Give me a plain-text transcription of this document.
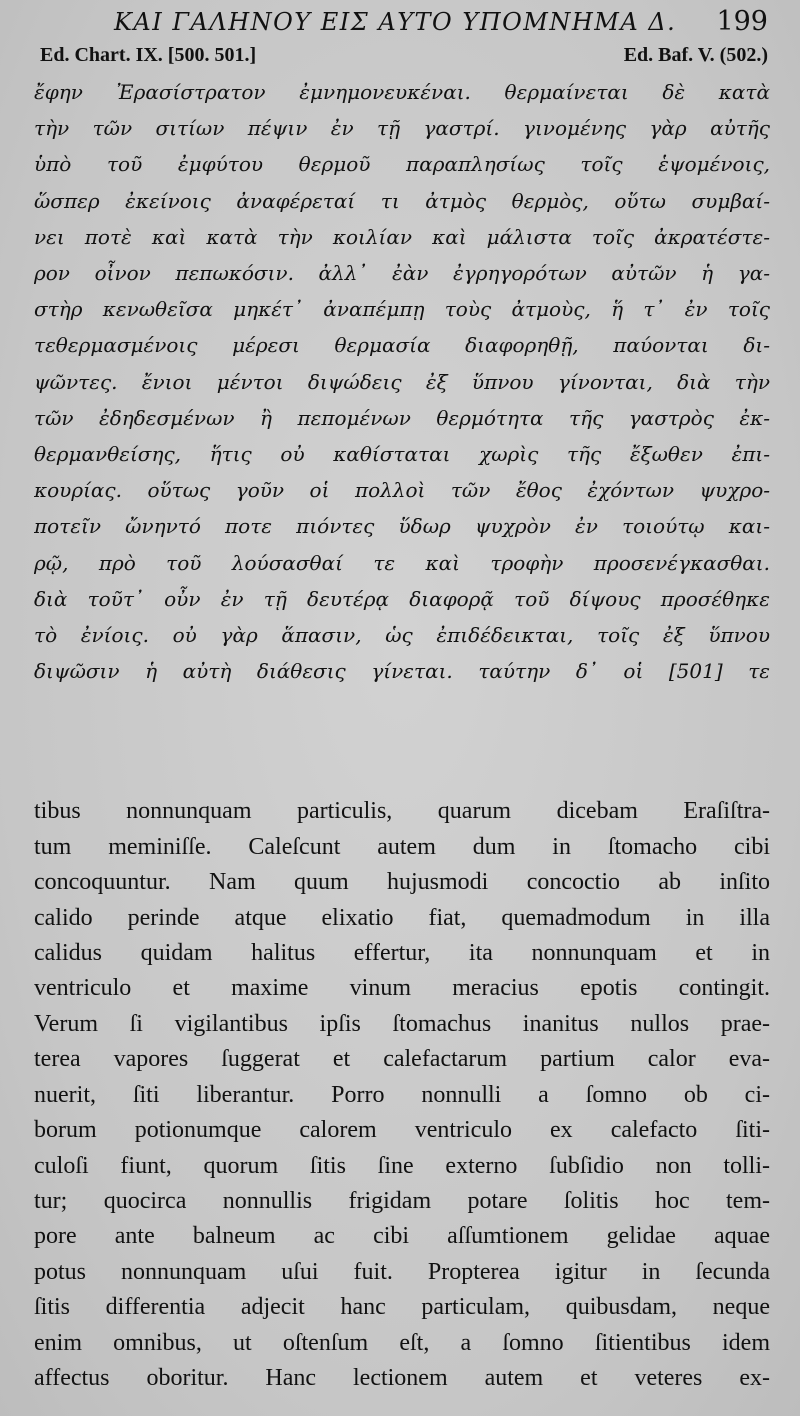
ΚΑΙ ΓΑΛΗΝΟΥ ΕΙΣ ΑΥΤΟ ΥΠΟΜΝΗΜΑ Δ. 199
Ed. Chart. IX. [500. 501.]	Ed. Baf. V. (502.)
ἔφην Ἐρασίστρατον ἐμνημονευκέναι. θερμαίνεται δὲ κατὰ
τὴν τῶν σιτίων πέψιν ἐν τῇ γαστρί. γινομένης γὰρ αὐτῆς
ὑπὸ τοῦ ἐμφύτου θερμοῦ παραπλησίως τοῖς ἑψομένοις,
ὥσπερ ἐκείνοις ἀναφέρεταί τι ἀτμὸς θερμὸς, οὕτω συμβαί-
νει ποτὲ καὶ κατὰ τὴν κοιλίαν καὶ μάλιστα τοῖς ἀκρατέστε-
ρον οἶνον πεπωκόσιν. ἀλλ᾽ ἐὰν ἐγρηγορότων αὐτῶν ἡ γα-
στὴρ κενωθεῖσα μηκέτ᾽ ἀναπέμπῃ τοὺς ἀτμοὺς, ἥ τ᾽ ἐν τοῖς
τεθερμασμένοις μέρεσι θερμασία διαφορηθῇ, παύονται δι-
ψῶντες. ἔνιοι μέντοι διψώδεις ἐξ ὕπνου γίνονται, διὰ τὴν
τῶν ἐδηδεσμένων ἢ πεπομένων θερμότητα τῆς γαστρὸς ἐκ-
θερμανθείσης, ἥτις οὐ καθίσταται χωρὶς τῆς ἔξωθεν ἐπι-
κουρίας. οὕτως γοῦν οἱ πολλοὶ τῶν ἔθος ἐχόντων ψυχρο-
ποτεῖν ὤνηντό ποτε πιόντες ὕδωρ ψυχρὸν ἐν τοιούτῳ και-
ρῷ, πρὸ τοῦ λούσασθαί τε καὶ τροφὴν προσενέγκασθαι.
διὰ τοῦτ᾽ οὖν ἐν τῇ δευτέρᾳ διαφορᾷ τοῦ δίψους προσέθηκε
τὸ ἐνίοις. οὐ γὰρ ἅπασιν, ὡς ἐπιδέδεικται, τοῖς ἐξ ὕπνου
διψῶσιν ἡ αὐτὴ διάθεσις γίνεται. ταύτην δ᾽ οἱ [501] τε
tibus nonnunquam particulis, quarum dicebam Eraſiſtra-
tum meminiſſe. Caleſcunt autem dum in ſtomacho cibi
concoquuntur. Nam quum hujusmodi concoctio ab inſito
calido perinde atque elixatio fiat, quemadmodum in illa
calidus quidam halitus effertur, ita nonnunquam et in
ventriculo et maxime vinum meracius epotis contingit.
Verum ſi vigilantibus ipſis ſtomachus inanitus nullos prae-
terea vapores ſuggerat et calefactarum partium calor eva-
nuerit, ſiti liberantur. Porro nonnulli a ſomno ob ci-
borum potionumque calorem ventriculo ex calefacto ſiti-
culoſi fiunt, quorum ſitis ſine externo ſubſidio non tolli-
tur; quocirca nonnullis frigidam potare ſolitis hoc tem-
pore ante balneum ac cibi aſſumtionem gelidae aquae
potus nonnunquam uſui fuit. Propterea igitur in ſecunda
ſitis differentia adjecit hanc particulam, quibusdam, neque
enim omnibus, ut oſtenſum eſt, a ſomno ſitientibus idem
affectus oboritur. Hanc lectionem autem et veteres ex-
